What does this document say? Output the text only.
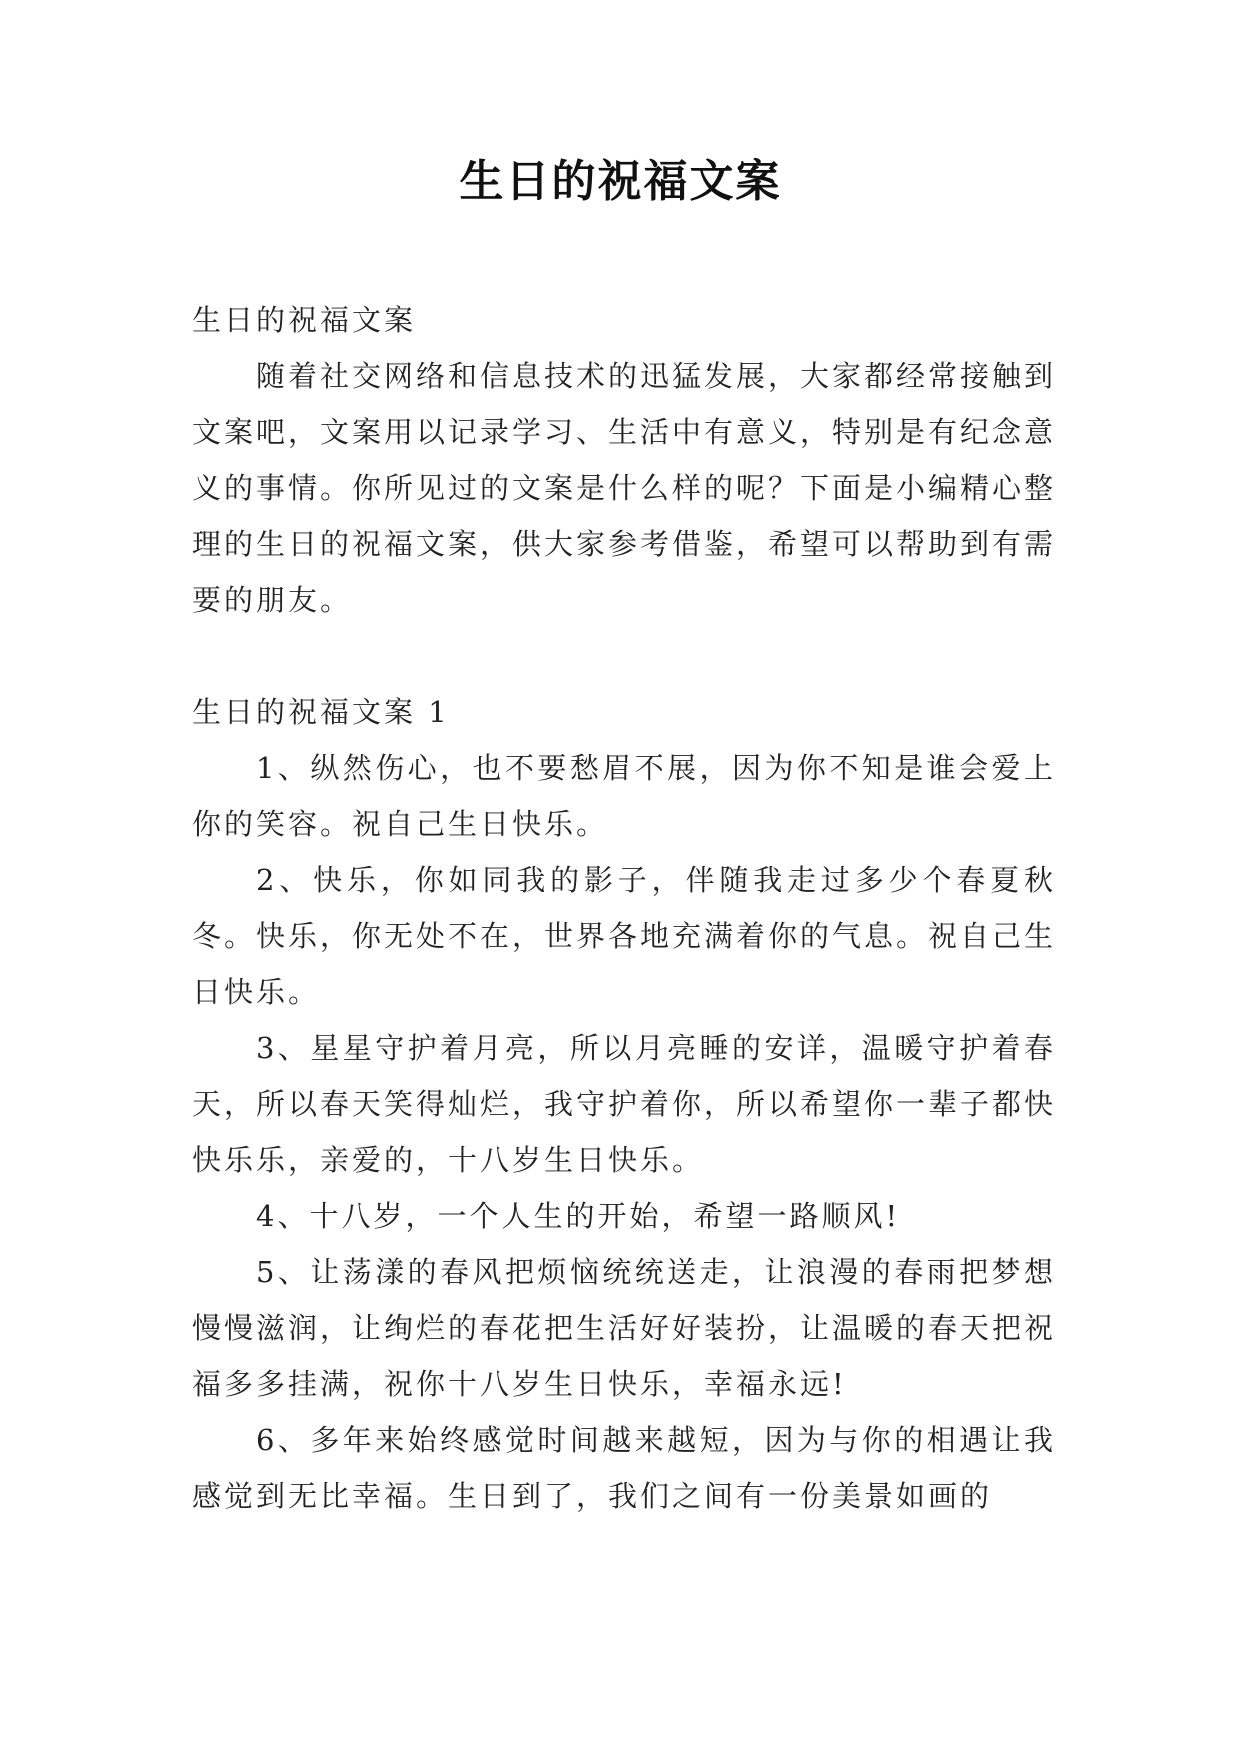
生日的祝福文案

生日的祝福文案

随着社交网络和信息技术的迅猛发展，大家都经常接触到文案吧，文案用以记录学习、生活中有意义，特别是有纪念意义的事情。你所见过的文案是什么样的呢？下面是小编精心整理的生日的祝福文案，供大家参考借鉴，希望可以帮助到有需要的朋友。

生日的祝福文案 1

1、纵然伤心，也不要愁眉不展，因为你不知是谁会爱上你的笑容。祝自己生日快乐。

2、快乐，你如同我的影子，伴随我走过多少个春夏秋冬。快乐，你无处不在，世界各地充满着你的气息。祝自己生日快乐。

3、星星守护着月亮，所以月亮睡的安详，温暖守护着春天，所以春天笑得灿烂，我守护着你，所以希望你一辈子都快快乐乐，亲爱的，十八岁生日快乐。

4、十八岁，一个人生的开始，希望一路顺风!

5、让荡漾的春风把烦恼统统送走，让浪漫的春雨把梦想慢慢滋润，让绚烂的春花把生活好好装扮，让温暖的春天把祝福多多挂满，祝你十八岁生日快乐，幸福永远!

6、多年来始终感觉时间越来越短，因为与你的相遇让我感觉到无比幸福。生日到了，我们之间有一份美景如画的
